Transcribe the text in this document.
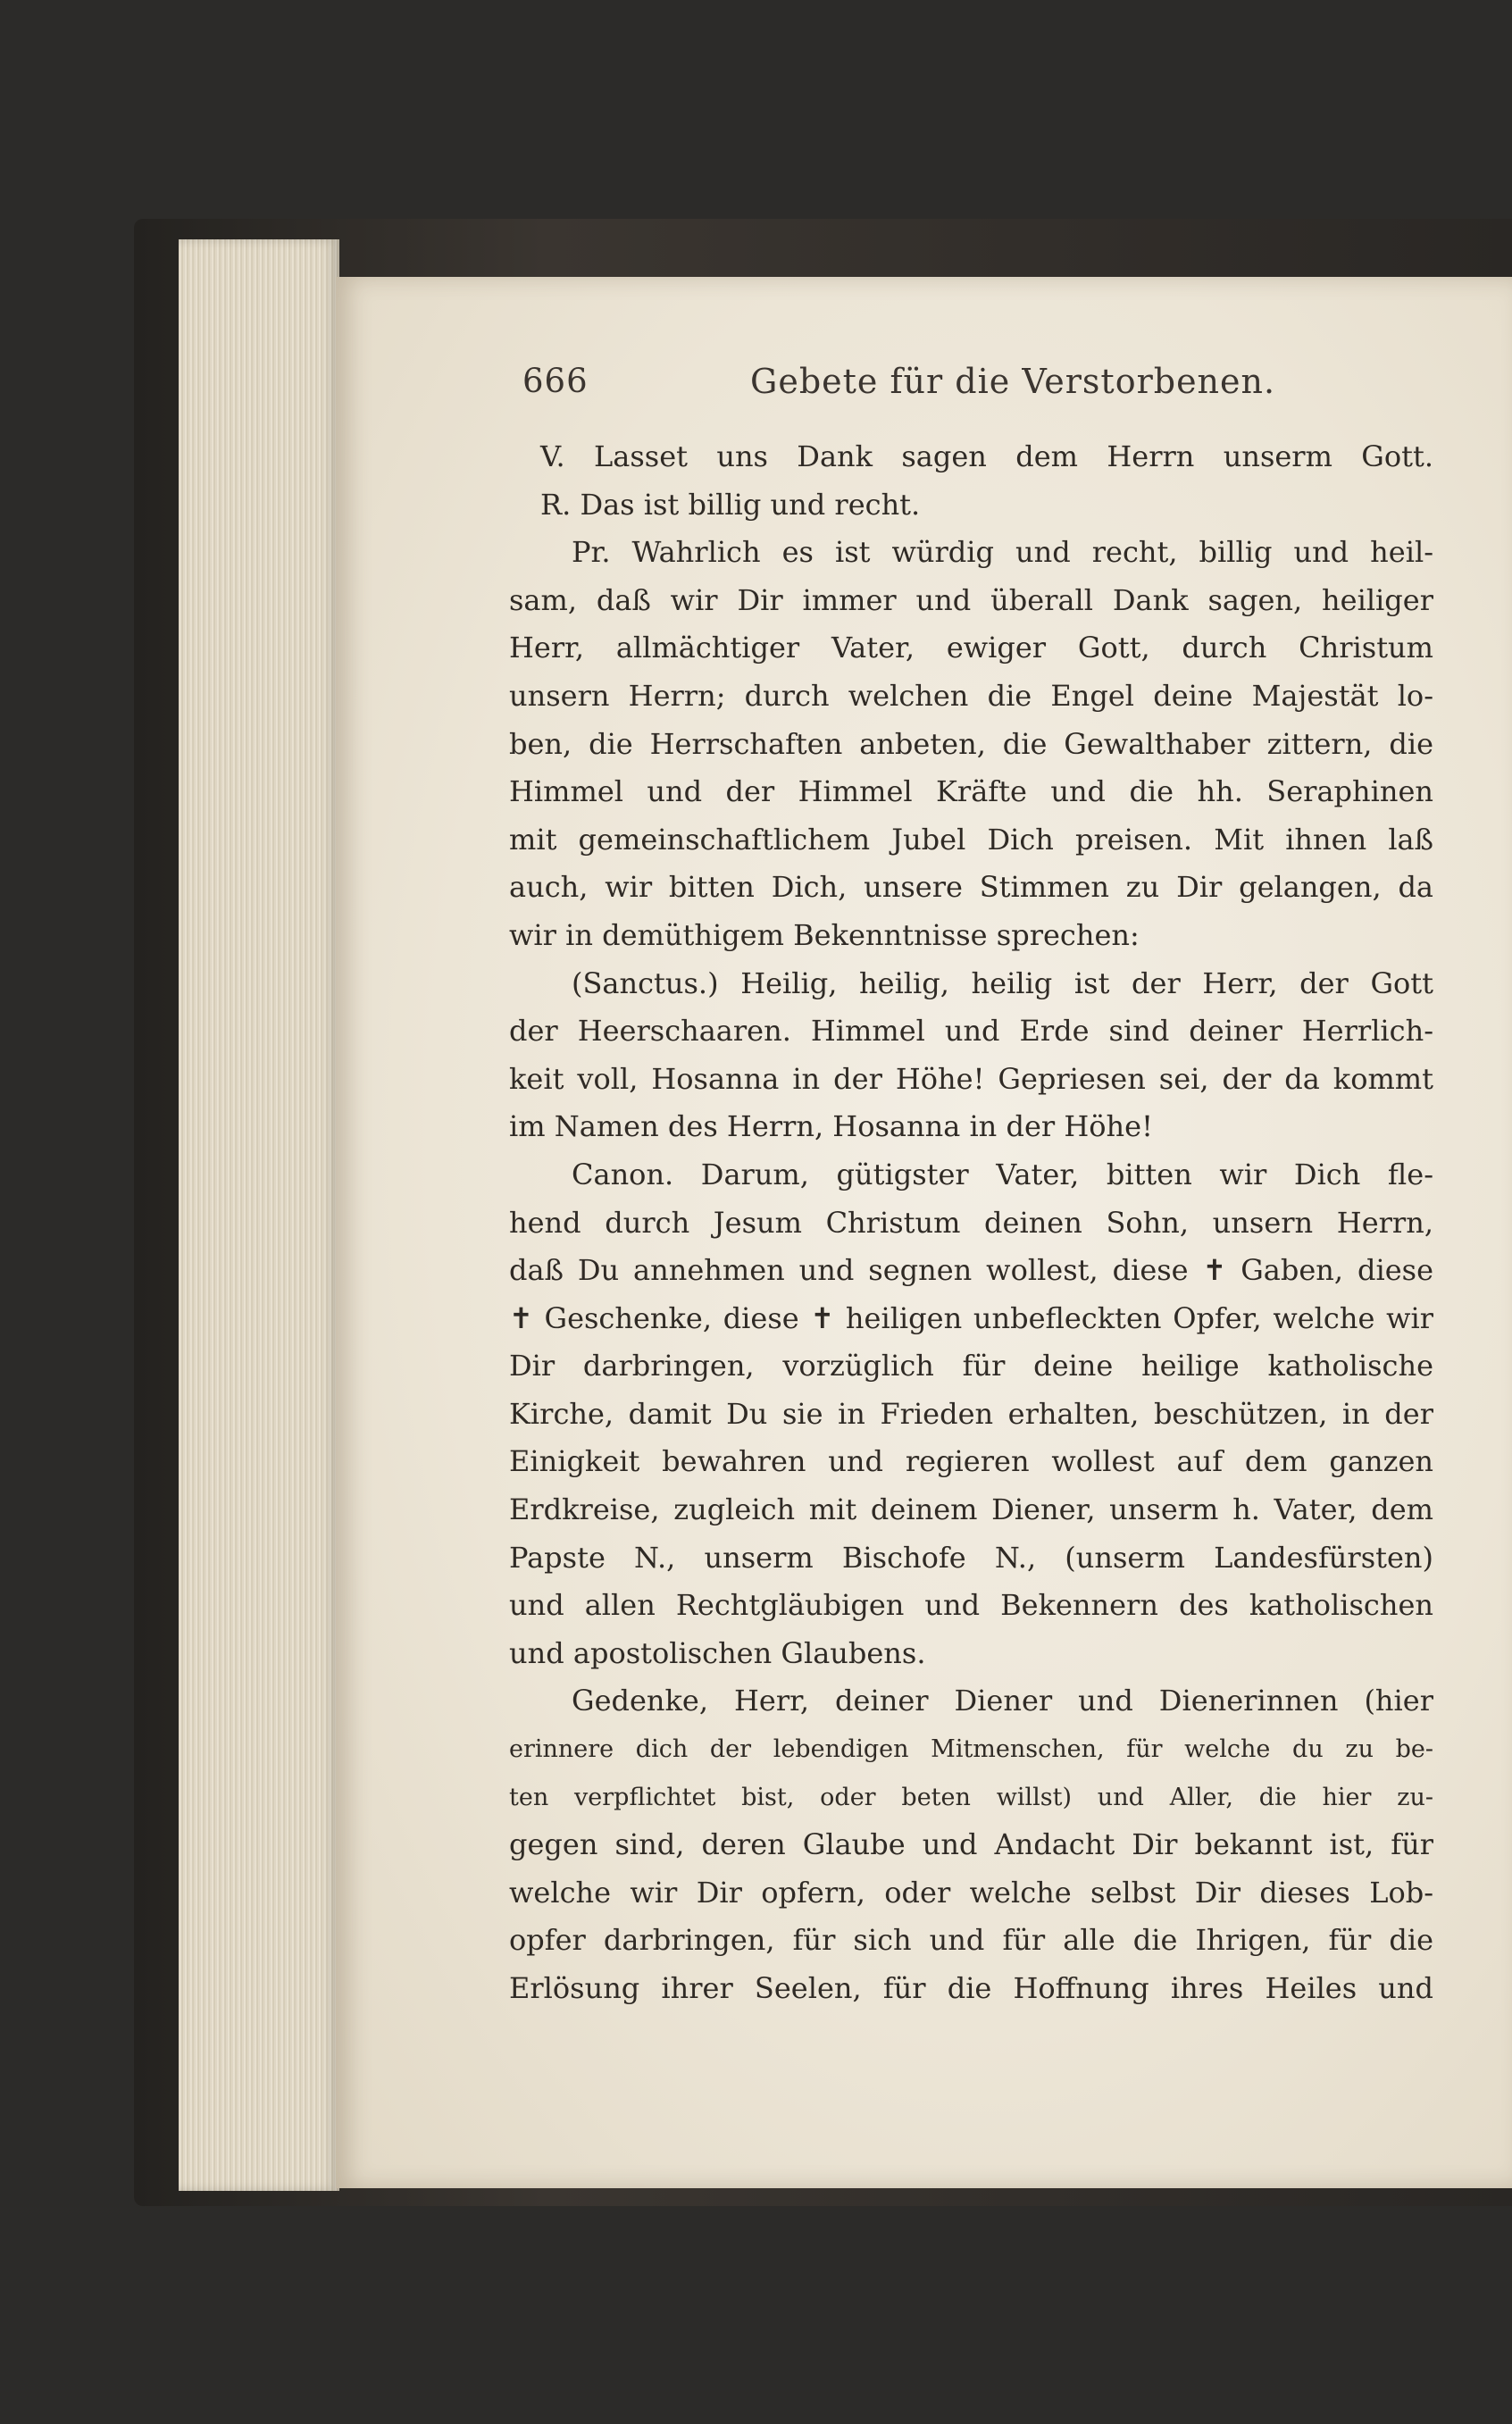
666	Gebete für die Verstorbenen.
V. Lasset uns Dank sagen dem Herrn unserm Gott.
R. Das ist billig und recht.
Pr. Wahrlich es ist würdig und recht, billig und heil-
sam, daß wir Dir immer und überall Dank sagen, heiliger
Herr, allmächtiger Vater, ewiger Gott, durch Christum
unsern Herrn; durch welchen die Engel deine Majestät lo-
ben, die Herrschaften anbeten, die Gewalthaber zittern, die
Himmel und der Himmel Kräfte und die hh. Seraphinen
mit gemeinschaftlichem Jubel Dich preisen. Mit ihnen laß
auch, wir bitten Dich, unsere Stimmen zu Dir gelangen, da
wir in demüthigem Bekenntnisse sprechen:
(Sanctus.) Heilig, heilig, heilig ist der Herr, der Gott
der Heerschaaren. Himmel und Erde sind deiner Herrlich-
keit voll, Hosanna in der Höhe! Gepriesen sei, der da kommt
im Namen des Herrn, Hosanna in der Höhe!
Canon. Darum, gütigster Vater, bitten wir Dich fle-
hend durch Jesum Christum deinen Sohn, unsern Herrn,
daß Du annehmen und segnen wollest, diese ✝ Gaben, diese
✝ Geschenke, diese ✝ heiligen unbefleckten Opfer, welche wir
Dir darbringen, vorzüglich für deine heilige katholische
Kirche, damit Du sie in Frieden erhalten, beschützen, in der
Einigkeit bewahren und regieren wollest auf dem ganzen
Erdkreise, zugleich mit deinem Diener, unserm h. Vater, dem
Papste N., unserm Bischofe N., (unserm Landesfürsten)
und allen Rechtgläubigen und Bekennern des katholischen
und apostolischen Glaubens.
Gedenke, Herr, deiner Diener und Dienerinnen (hier
erinnere dich der lebendigen Mitmenschen, für welche du zu be-
ten verpflichtet bist, oder beten willst) und Aller, die hier zu-
gegen sind, deren Glaube und Andacht Dir bekannt ist, für
welche wir Dir opfern, oder welche selbst Dir dieses Lob-
opfer darbringen, für sich und für alle die Ihrigen, für die
Erlösung ihrer Seelen, für die Hoffnung ihres Heiles und
